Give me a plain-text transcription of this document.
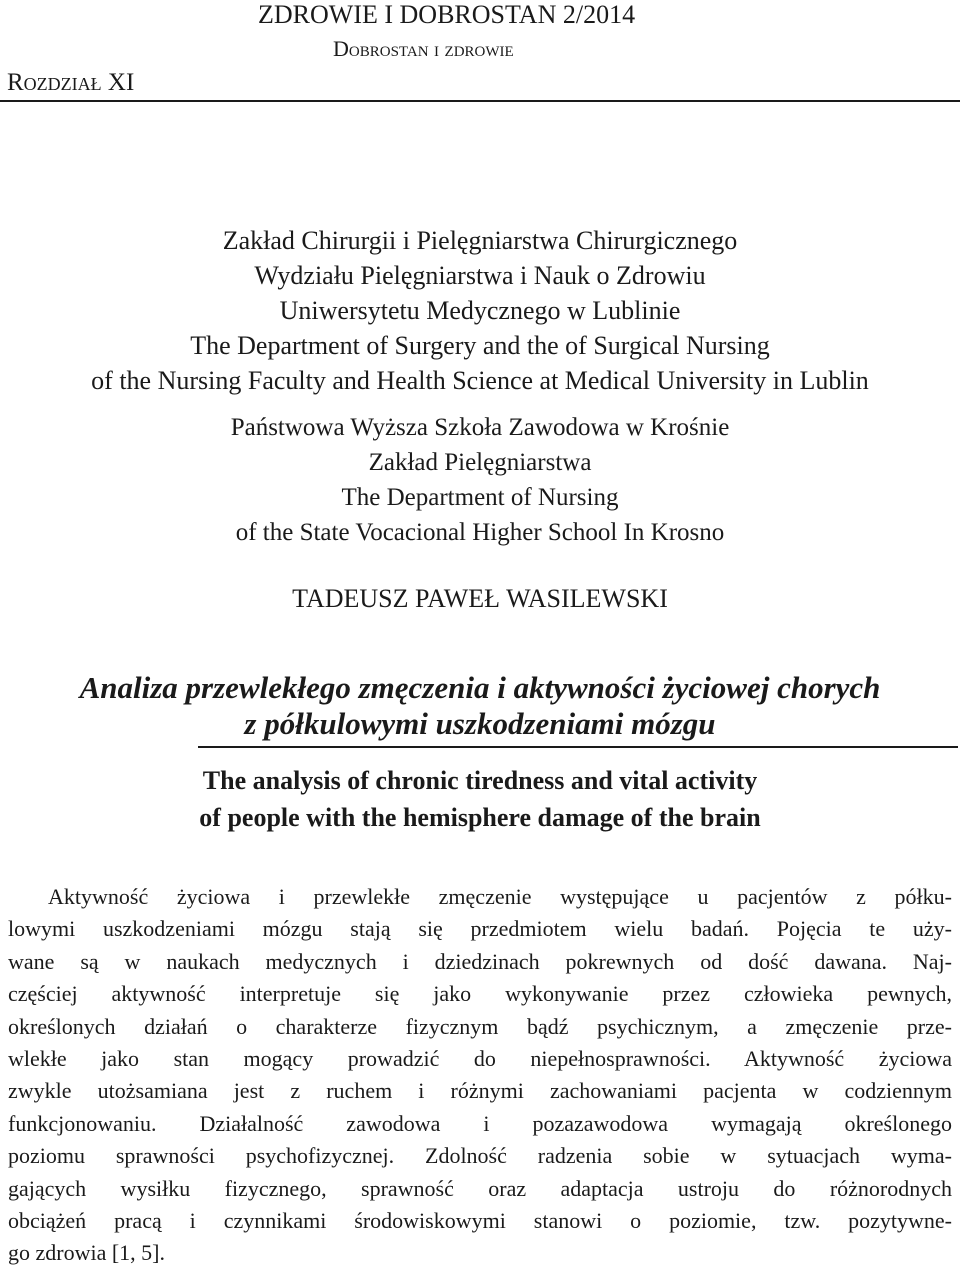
ZDROWIE I DOBROSTAN 2/2014
Dobrostan i zdrowie
Rozdział XI
Zakład Chirurgii i Pielęgniarstwa Chirurgicznego
Wydziału Pielęgniarstwa i Nauk o Zdrowiu
Uniwersytetu Medycznego w Lublinie
The Department of Surgery and the of Surgical Nursing
of the Nursing Faculty and Health Science at Medical University in Lublin
Państwowa Wyższa Szkoła Zawodowa w Krośnie
Zakład Pielęgniarstwa
The Department of Nursing
of the State Vocacional Higher School In Krosno
TADEUSZ PAWEŁ WASILEWSKI
Analiza przewlekłego zmęczenia i aktywności życiowej chorych
z półkulowymi uszkodzeniami mózgu
The analysis of chronic tiredness and vital activity
of people with the hemisphere damage of the brain
Aktywność życiowa i przewlekłe zmęczenie występujące u pacjentów z półku-
lowymi uszkodzeniami mózgu stają się przedmiotem wielu badań. Pojęcia te uży-
wane są w naukach medycznych i dziedzinach pokrewnych od dość dawana. Naj-
częściej aktywność interpretuje się jako wykonywanie przez człowieka pewnych,
określonych działań o charakterze fizycznym bądź psychicznym, a zmęczenie prze-
wlekłe jako stan mogący prowadzić do niepełnosprawności. Aktywność życiowa
zwykle utożsamiana jest z ruchem i różnymi zachowaniami pacjenta w codziennym
funkcjonowaniu. Działalność zawodowa i pozazawodowa wymagają określonego
poziomu sprawności psychofizycznej. Zdolność radzenia sobie w sytuacjach wyma-
gających wysiłku fizycznego, sprawność oraz adaptacja ustroju do różnorodnych
obciążeń pracą i czynnikami środowiskowymi stanowi o poziomie, tzw. pozytywne-
go zdrowia [1, 5].
